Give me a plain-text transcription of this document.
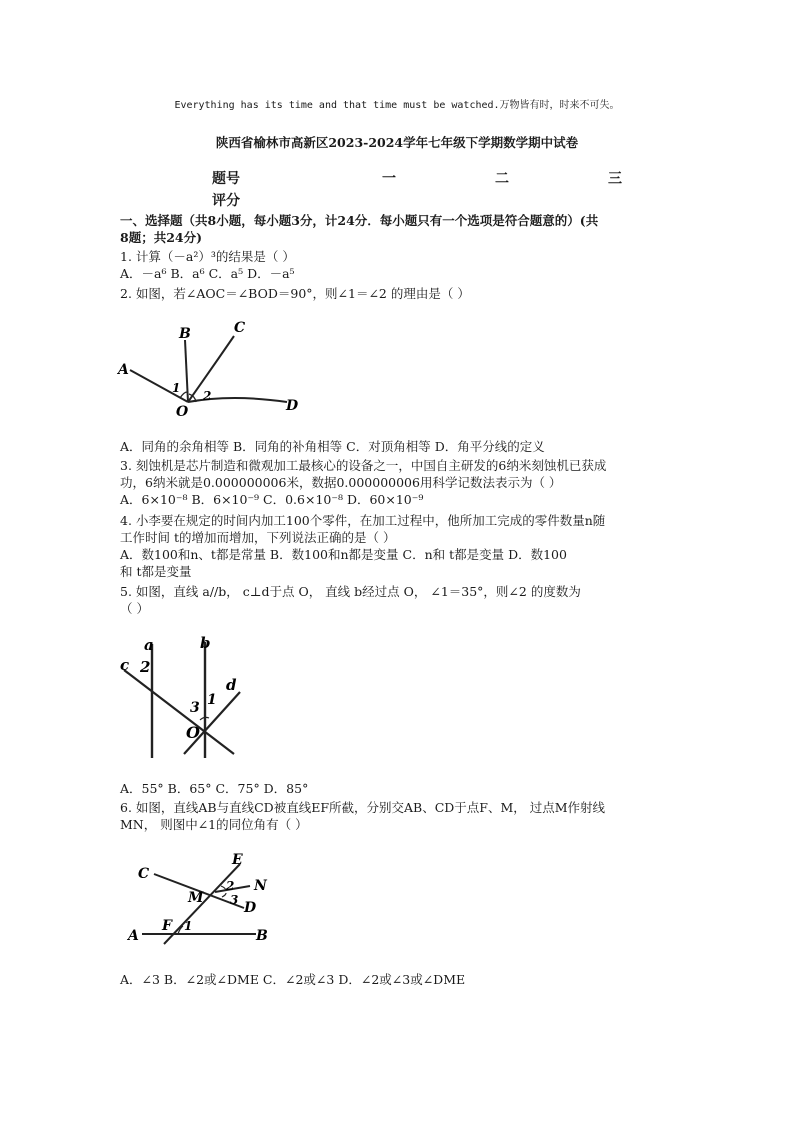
Everything has its time and that time must be watched.万物皆有时，时来不可失。
陕西省榆林市高新区2023-2024学年七年级下学期数学期中试卷
题号	一	二	三
评分
一、选择题（共8小题，每小题3分，计24分．每小题只有一个选项是符合题意的）(共
8题；共24分)
1. 计算（－a²）³的结果是（ ）
A．－a⁶ B．a⁶ C．a⁵ D．－a⁵
2. 如图，若∠AOC＝∠BOD＝90°，则∠1＝∠2 的理由是（ ）
A
B	C
D
O
1
2
A．同角的余角相等 B．同角的补角相等 C．对顶角相等 D．角平分线的定义
3. 刻蚀机是芯片制造和微观加工最核心的设备之一，中国自主研发的6纳米刻蚀机已获成
功，6纳米就是0.000000006米，数据0.000000006用科学记数法表示为（ ）
A．6×10⁻⁸ B．6×10⁻⁹ C．0.6×10⁻⁸ D．60×10⁻⁹
4. 小李要在规定的时间内加工100个零件，在加工过程中，他所加工完成的零件数量n随
工作时间 t的增加而增加，下列说法正确的是（ ）
A．数100和n、t都是常量 B．数100和n都是变量 C．n和 t都是变量 D．数100
和 t都是变量
5. 如图，直线 a//b， c⊥d于点 O， 直线 b经过点 O， ∠1＝35°，则∠2 的度数为
（ ）
a	b
c
d
O
1
2
3
A．55° B．65° C．75° D．85°
6. 如图，直线AB与直线CD被直线EF所截，分别交AB、CD于点F、M， 过点M作射线
MN， 则图中∠1的同位角有（ ）
A	B
C
D
E
F
M
N
1
2
3
A．∠3 B．∠2或∠DME C．∠2或∠3 D．∠2或∠3或∠DME
